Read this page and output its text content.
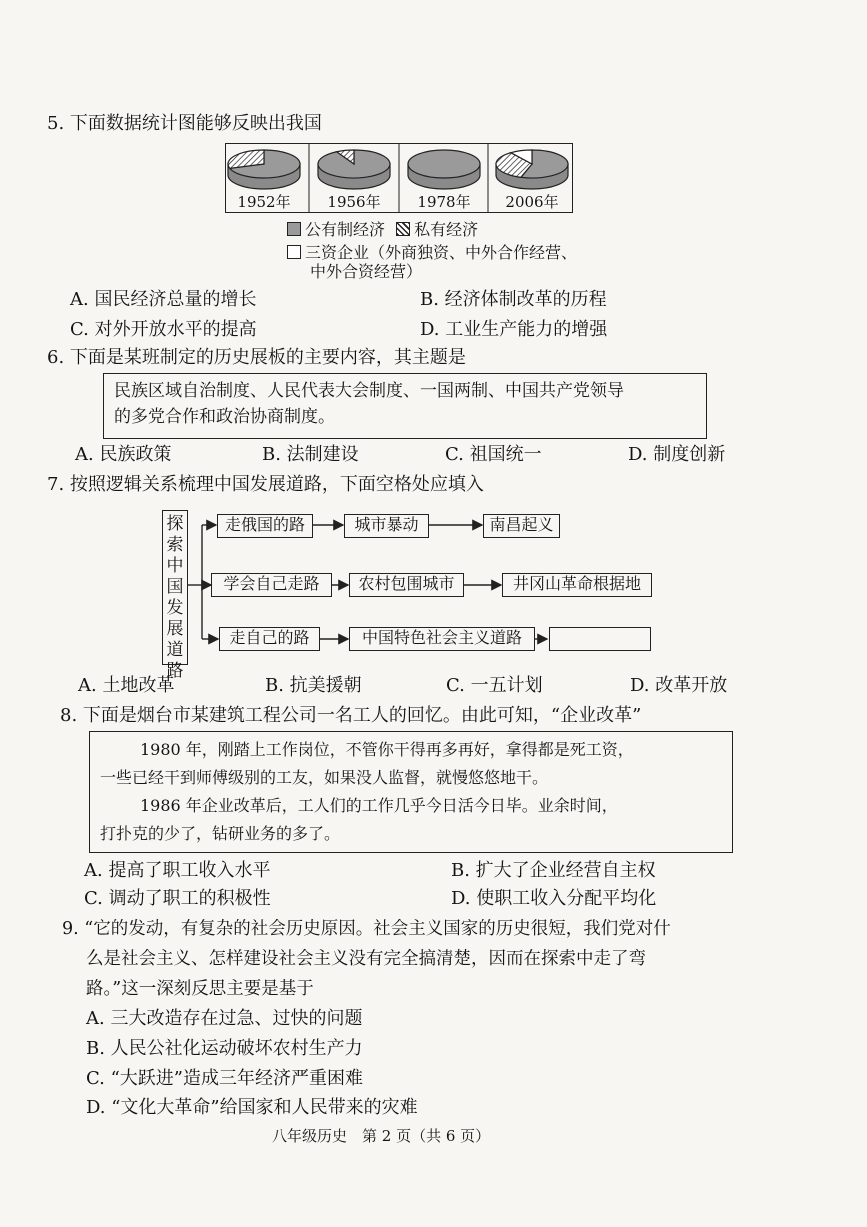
5. 下面数据统计图能够反映出我国
1952年 1956年 1978年 2006年
公有制经济 私有经济
三资企业（外商独资、中外合作经营、
中外合资经营）
A. 国民经济总量的增长	B. 经济体制改革的历程
C. 对外开放水平的提高	D. 工业生产能力的增强
6. 下面是某班制定的历史展板的主要内容，其主题是
民族区域自治制度、人民代表大会制度、一国两制、中国共产党领导
的多党合作和政治协商制度。
A. 民族政策	B. 法制建设	C. 祖国统一	D. 制度创新
7. 按照逻辑关系梳理中国发展道路，下面空格处应填入
探
索
中
国
发
展
道
路
走俄国的路	城市暴动	南昌起义
学会自己走路	农村包围城市	井冈山革命根据地
走自己的路	中国特色社会主义道路
A. 土地改革	B. 抗美援朝	C. 一五计划	D. 改革开放
8. 下面是烟台市某建筑工程公司一名工人的回忆。由此可知，“企业改革”
1980 年，刚踏上工作岗位，不管你干得再多再好，拿得都是死工资，
一些已经干到师傅级别的工友，如果没人监督，就慢悠悠地干。
1986 年企业改革后，工人们的工作几乎今日活今日毕。业余时间，
打扑克的少了，钻研业务的多了。
A. 提高了职工收入水平	B. 扩大了企业经营自主权
C. 调动了职工的积极性	D. 使职工收入分配平均化
9. “它的发动，有复杂的社会历史原因。社会主义国家的历史很短，我们党对什
么是社会主义、怎样建设社会主义没有完全搞清楚，因而在探索中走了弯
路。”这一深刻反思主要是基于
A. 三大改造存在过急、过快的问题
B. 人民公社化运动破坏农村生产力
C. “大跃进”造成三年经济严重困难
D. “文化大革命”给国家和人民带来的灾难
八年级历史　第 2 页（共 6 页）
